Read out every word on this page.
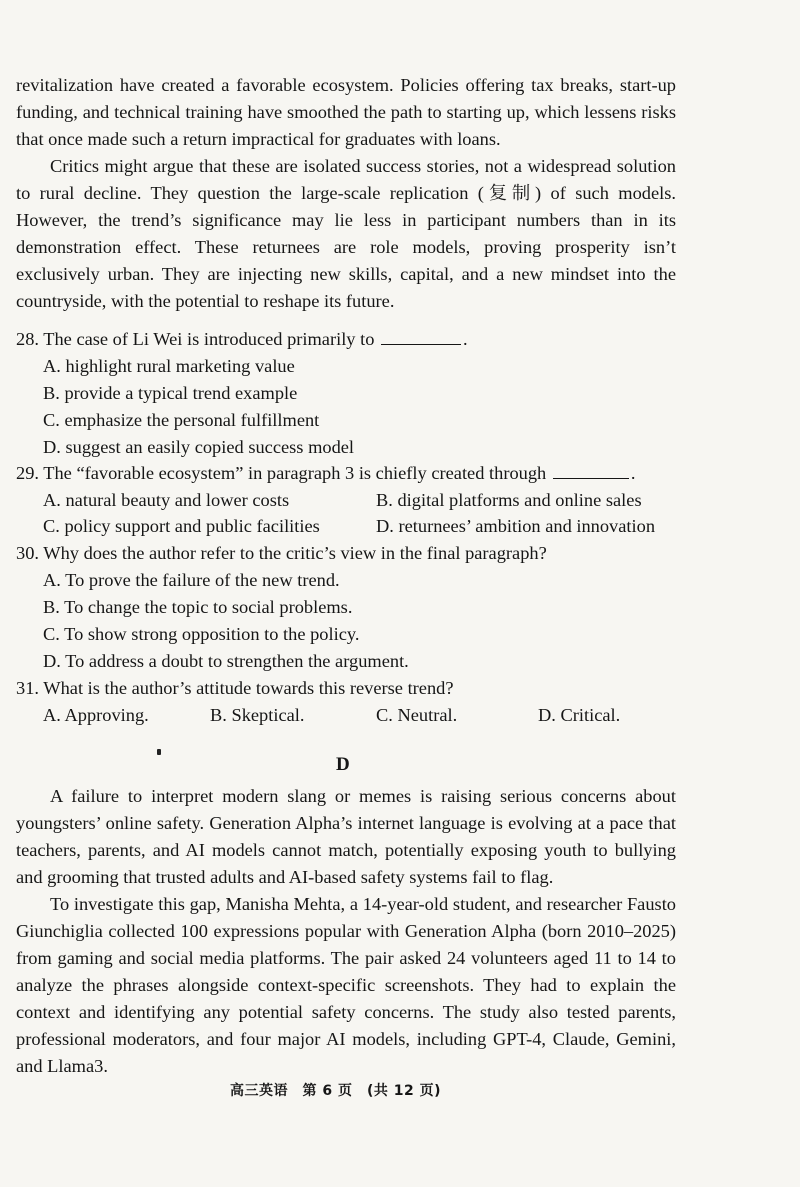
revitalization have created a favorable ecosystem. Policies offering tax breaks, start-up funding, and technical training have smoothed the path to starting up, which lessens risks that once made such a return impractical for graduates with loans.
Critics might argue that these are isolated success stories, not a widespread solution to rural decline. They question the large-scale replication (复制) of such models. However, the trend’s significance may lie less in participant numbers than in its demonstration effect. These returnees are role models, proving prosperity isn’t exclusively urban. They are injecting new skills, capital, and a new mindset into the countryside, with the potential to reshape its future.
28. The case of Li Wei is introduced primarily to	.
A. highlight rural marketing value
B. provide a typical trend example
C. emphasize the personal fulfillment
D. suggest an easily copied success model
29. The “favorable ecosystem” in paragraph 3 is chiefly created through	.
A. natural beauty and lower costs	B. digital platforms and online sales
C. policy support and public facilities	D. returnees’ ambition and innovation
30. Why does the author refer to the critic’s view in the final paragraph?
A. To prove the failure of the new trend.
B. To change the topic to social problems.
C. To show strong opposition to the policy.
D. To address a doubt to strengthen the argument.
31. What is the author’s attitude towards this reverse trend?
A. Approving.	B. Skeptical.	C. Neutral.	D. Critical.
D
A failure to interpret modern slang or memes is raising serious concerns about youngsters’ online safety. Generation Alpha’s internet language is evolving at a pace that teachers, parents, and AI models cannot match, potentially exposing youth to bullying and grooming that trusted adults and AI-based safety systems fail to flag.
To investigate this gap, Manisha Mehta, a 14-year-old student, and researcher Fausto Giunchiglia collected 100 expressions popular with Generation Alpha (born 2010–2025) from gaming and social media platforms. The pair asked 24 volunteers aged 11 to 14 to analyze the phrases alongside context-specific screenshots. They had to explain the context and identifying any potential safety concerns. The study also tested parents, professional moderators, and four major AI models, including GPT-4, Claude, Gemini, and Llama3.
高三英语　第 6 页　(共 12 页)
